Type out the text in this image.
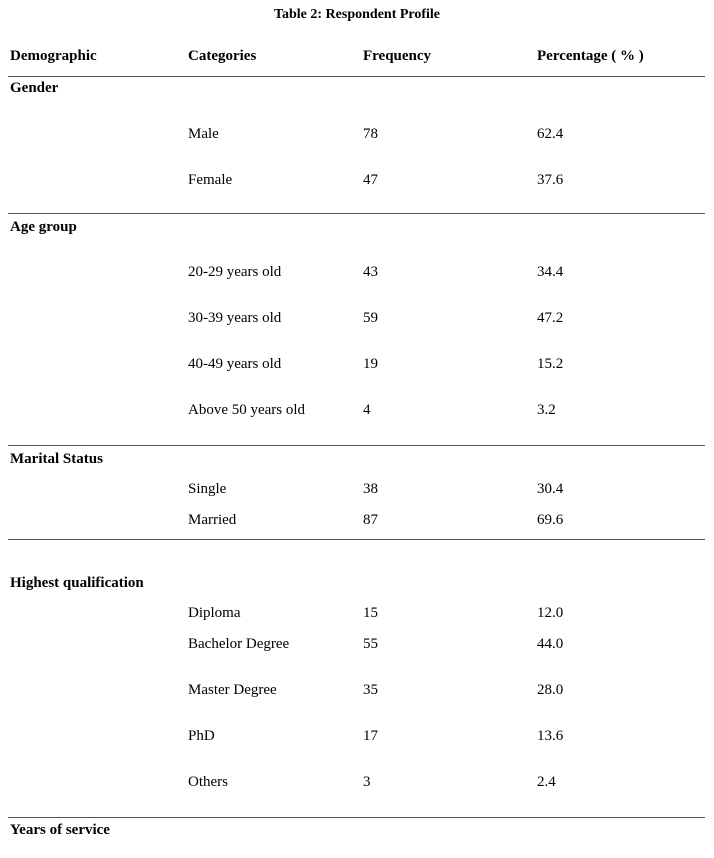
Table 2: Respondent Profile
Demographic	Categories	Frequency	Percentage ( % )
Gender
Male	78	62.4
Female	47	37.6
Age group
20-29 years old	43	34.4
30-39 years old	59	47.2
40-49 years old	19	15.2
Above 50 years old	4	3.2
Marital Status
Single	38	30.4
Married	87	69.6
Highest qualification
Diploma	15	12.0
Bachelor Degree	55	44.0
Master Degree	35	28.0
PhD	17	13.6
Others	3	2.4
Years of service
